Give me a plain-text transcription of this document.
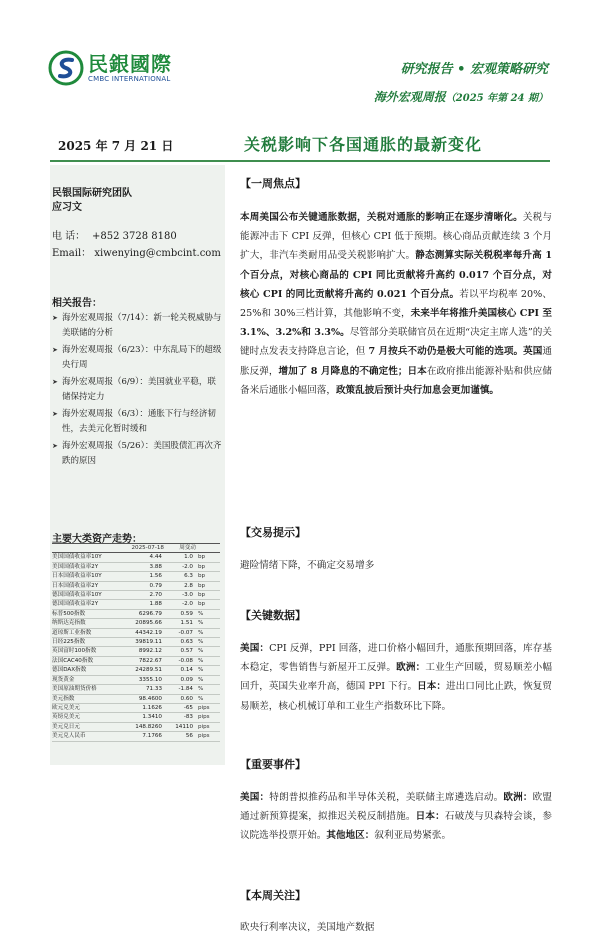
民銀國際
CMBC INTERNATIONAL
研究报告 • 宏观策略研究
海外宏观周报（2025 年第 24 期）
2025 年 7 月 21 日	关税影响下各国通胀的最新变化
民银国际研究团队
应习文
电 话： +852 3728 8180
Email： xiwenying@cmbcint.com
相关报告：
➤ 海外宏观周报（7/14）：新一轮关税威胁与美联储的分析
➤ 海外宏观周报（6/23）：中东乱局下的超级央行周
➤ 海外宏观周报（6/9）：美国就业平稳，联储保持定力
➤ 海外宏观周报（6/3）：通胀下行与经济韧性，去美元化暂时缓和
➤ 海外宏观周报（5/26）：美国股债汇再次齐跌的原因
主要大类资产走势：
	2025-07-18	周变动	
美国国债收益率10Y	4.44	1.0	bp
美国国债收益率2Y	3.88	-2.0	bp
日本国债收益率10Y	1.56	6.3	bp
日本国债收益率2Y	0.79	2.8	bp
德国国债收益率10Y	2.70	-3.0	bp
德国国债收益率2Y	1.88	-2.0	bp
标普500指数	6296.79	0.59	%
纳斯达克指数	20895.66	1.51	%
道琼斯工业指数	44342.19	-0.07	%
日经225指数	39819.11	0.63	%
英国富时100指数	8992.12	0.57	%
法国CAC40指数	7822.67	-0.08	%
德国DAX指数	24289.51	0.14	%
现货黄金	3355.10	0.09	%
美国原油期货价格	71.33	-1.84	%
美元指数	98.4600	0.60	%
欧元兑美元	1.1626	-65	pips
英镑兑美元	1.3410	-83	pips
美元兑日元	148.8260	14110	pips
美元兑人民币	7.1766	56	pips
【一周焦点】
本周美国公布关键通胀数据，关税对通胀的影响正在逐步清晰化。关税与能源冲击下 CPI 反弹，但核心 CPI 低于预期。核心商品贡献连续 3 个月扩大，非汽车类耐用品受关税影响扩大。静态测算实际关税税率每升高 1 个百分点，对核心商品的 CPI 同比贡献将升高约 0.017 个百分点，对核心 CPI 的同比贡献将升高约 0.021 个百分点。若以平均税率 20%、25%和 30%三档计算，其他影响不变，未来半年将推升美国核心 CPI 至 3.1%、3.2%和 3.3%。尽管部分美联储官员在近期“决定主席人选”的关键时点发表支持降息言论，但 7 月按兵不动仍是极大可能的选项。英国通胀反弹，增加了 8 月降息的不确定性；日本在政府推出能源补贴和供应储备米后通胀小幅回落，政策乱披后预计央行加息会更加谨慎。
【交易提示】
避险情绪下降，不确定交易增多
【关键数据】
美国：CPI 反弹，PPI 回落，进口价格小幅回升，通胀预期回落，库存基本稳定，零售销售与新屋开工反弹。欧洲：工业生产回暖，贸易顺差小幅回升，英国失业率升高，德国 PPI 下行。日本：进出口同比止跌，恢复贸易顺差，核心机械订单和工业生产指数环比下降。
【重要事件】
美国：特朗普拟推药品和半导体关税，美联储主席遴选启动。欧洲：欧盟通过新预算提案，拟推迟关税反制措施。日本：石破茂与贝森特会谈，参议院选举投票开始。其他地区：叙利亚局势紧张。
【本周关注】
欧央行利率决议，美国地产数据
